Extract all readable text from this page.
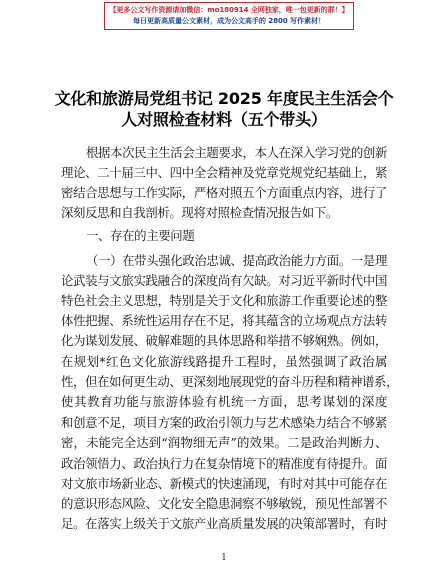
【更多公文写作资源请加微信：mo180914 全网独家，唯一包更新的群！】
每日更新高质量公文素材，成为公文高手的 2800 写作素材！
文化和旅游局党组书记 2025 年度民主生活会个
人对照检查材料（五个带头）
根据本次民主生活会主题要求，本人在深入学习党的创新
理论、二十届三中、四中全会精神及党章党规党纪基础上，紧
密结合思想与工作实际，严格对照五个方面重点内容，进行了
深刻反思和自我剖析。现将对照检查情况报告如下。
一、存在的主要问题
（一）在带头强化政治忠诚、提高政治能力方面。一是理
论武装与文旅实践融合的深度尚有欠缺。对习近平新时代中国
特色社会主义思想，特别是关于文化和旅游工作重要论述的整
体性把握、系统性运用存在不足，将其蕴含的立场观点方法转
化为谋划发展、破解难题的具体思路和举措不够娴熟。例如，
在规划*红色文化旅游线路提升工程时，虽然强调了政治属
性，但在如何更生动、更深刻地展现党的奋斗历程和精神谱系，
使其教育功能与旅游体验有机统一方面，思考谋划的深度
和创意不足，项目方案的政治引领力与艺术感染力结合不够紧
密，未能完全达到“润物细无声”的效果。二是政治判断力、
政治领悟力、政治执行力在复杂情境下的精准度有待提升。面
对文旅市场新业态、新模式的快速涌现，有时对其中可能存在
的意识形态风险、文化安全隐患洞察不够敏锐，预见性部署不
足。在落实上级关于文旅产业高质量发展的决策部署时，有时
1
